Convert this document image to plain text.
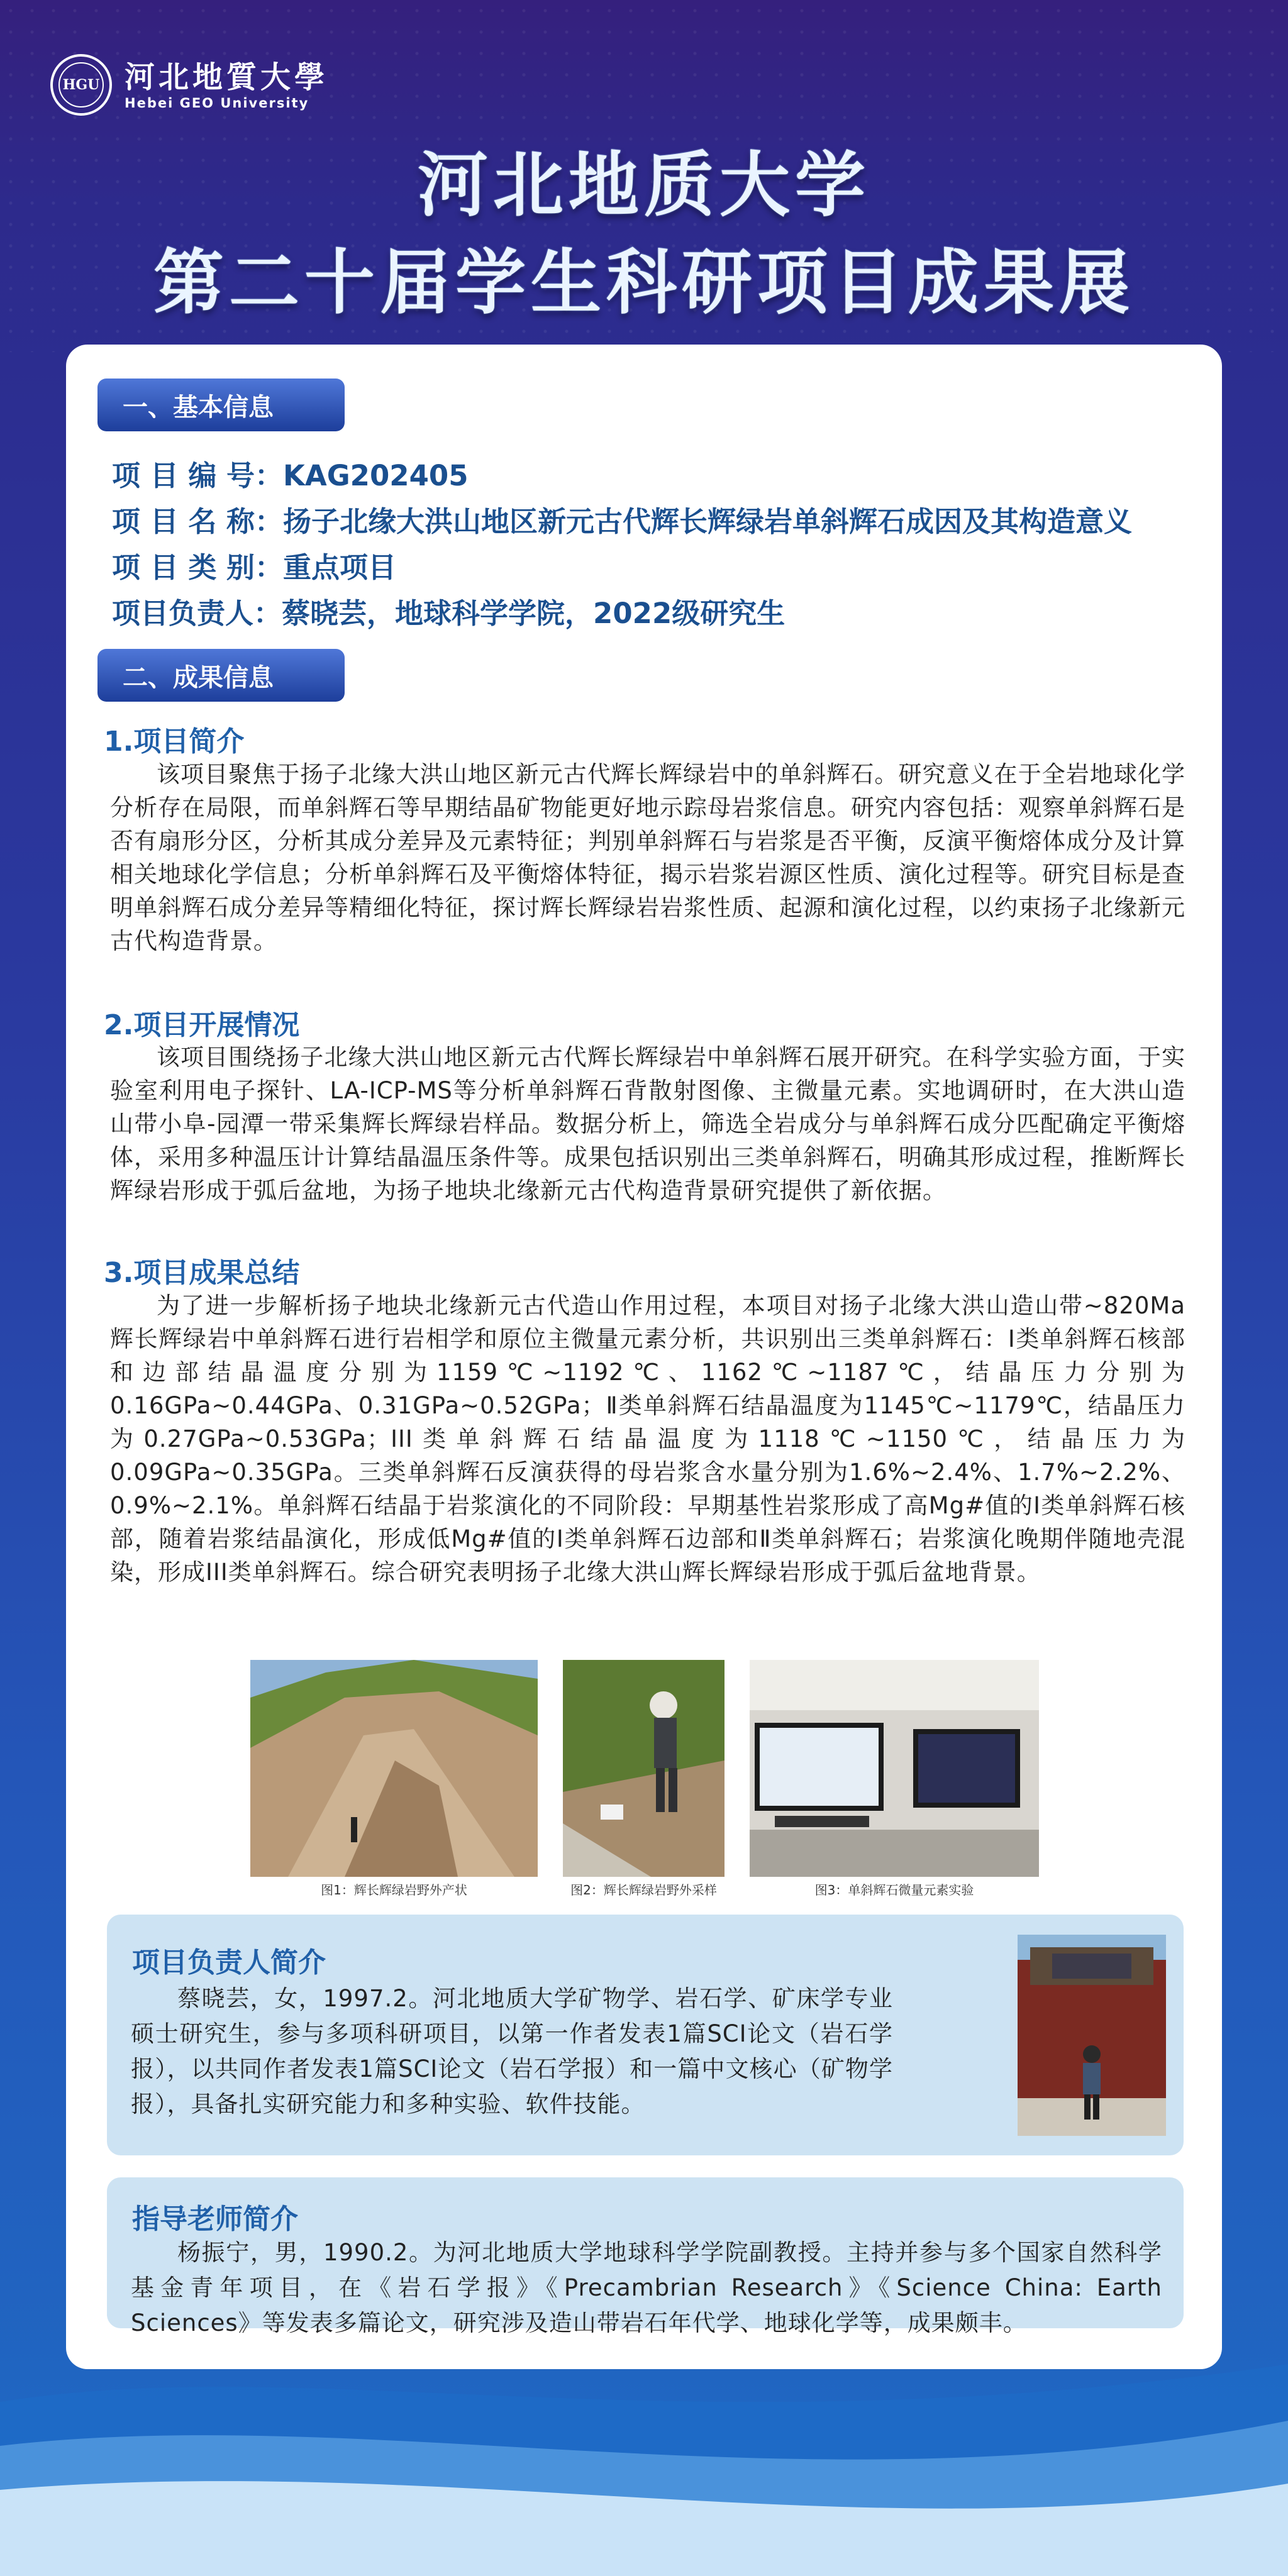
HGU 河北地質大學
Hebei GEO University
河北地质大学
第二十届学生科研项目成果展
一、基本信息
项 目 编 号：KAG202405
项 目 名 称：扬子北缘大洪山地区新元古代辉长辉绿岩单斜辉石成因及其构造意义
项 目 类 别：重点项目
项目负责人：蔡晓芸，地球科学学院，2022级研究生
二、成果信息
1.项目简介
该项目聚焦于扬子北缘大洪山地区新元古代辉长辉绿岩中的单斜辉石。研究意义在于全岩地球化学分析存在局限，而单斜辉石等早期结晶矿物能更好地示踪母岩浆信息。研究内容包括：观察单斜辉石是否有扇形分区，分析其成分差异及元素特征；判别单斜辉石与岩浆是否平衡，反演平衡熔体成分及计算相关地球化学信息；分析单斜辉石及平衡熔体特征，揭示岩浆岩源区性质、演化过程等。研究目标是查明单斜辉石成分差异等精细化特征，探讨辉长辉绿岩岩浆性质、起源和演化过程，以约束扬子北缘新元古代构造背景。
2.项目开展情况
该项目围绕扬子北缘大洪山地区新元古代辉长辉绿岩中单斜辉石展开研究。在科学实验方面，于实验室利用电子探针、LA-ICP-MS等分析单斜辉石背散射图像、主微量元素。实地调研时，在大洪山造山带小阜-园潭一带采集辉长辉绿岩样品。数据分析上，筛选全岩成分与单斜辉石成分匹配确定平衡熔体，采用多种温压计计算结晶温压条件等。成果包括识别出三类单斜辉石，明确其形成过程，推断辉长辉绿岩形成于弧后盆地，为扬子地块北缘新元古代构造背景研究提供了新依据。
3.项目成果总结
为了进一步解析扬子地块北缘新元古代造山作用过程，本项目对扬子北缘大洪山造山带~820Ma辉长辉绿岩中单斜辉石进行岩相学和原位主微量元素分析，共识别出三类单斜辉石：Ⅰ类单斜辉石核部和边部结晶温度分别为1159℃~1192℃、1162℃~1187℃，结晶压力分别为0.16GPa~0.44GPa、0.31GPa~0.52GPa；Ⅱ类单斜辉石结晶温度为1145℃~1179℃，结晶压力为0.27GPa~0.53GPa；III类单斜辉石结晶温度为1118℃~1150℃，结晶压力为0.09GPa~0.35GPa。三类单斜辉石反演获得的母岩浆含水量分别为1.6%~2.4%、1.7%~2.2%、0.9%~2.1%。单斜辉石结晶于岩浆演化的不同阶段：早期基性岩浆形成了高Mg#值的Ⅰ类单斜辉石核部，随着岩浆结晶演化，形成低Mg#值的Ⅰ类单斜辉石边部和Ⅱ类单斜辉石；岩浆演化晚期伴随地壳混染，形成III类单斜辉石。综合研究表明扬子北缘大洪山辉长辉绿岩形成于弧后盆地背景。
图1：辉长辉绿岩野外产状	图2：辉长辉绿岩野外采样	图3：单斜辉石微量元素实验
项目负责人简介
蔡晓芸，女，1997.2。河北地质大学矿物学、岩石学、矿床学专业硕士研究生，参与多项科研项目，以第一作者发表1篇SCI论文（岩石学报），以共同作者发表1篇SCI论文（岩石学报）和一篇中文核心（矿物学报），具备扎实研究能力和多种实验、软件技能。
指导老师简介
杨振宁，男，1990.2。为河北地质大学地球科学学院副教授。主持并参与多个国家自然科学基金青年项目，在《岩石学报》《Precambrian Research》《Science China: Earth Sciences》等发表多篇论文，研究涉及造山带岩石年代学、地球化学等，成果颇丰。
